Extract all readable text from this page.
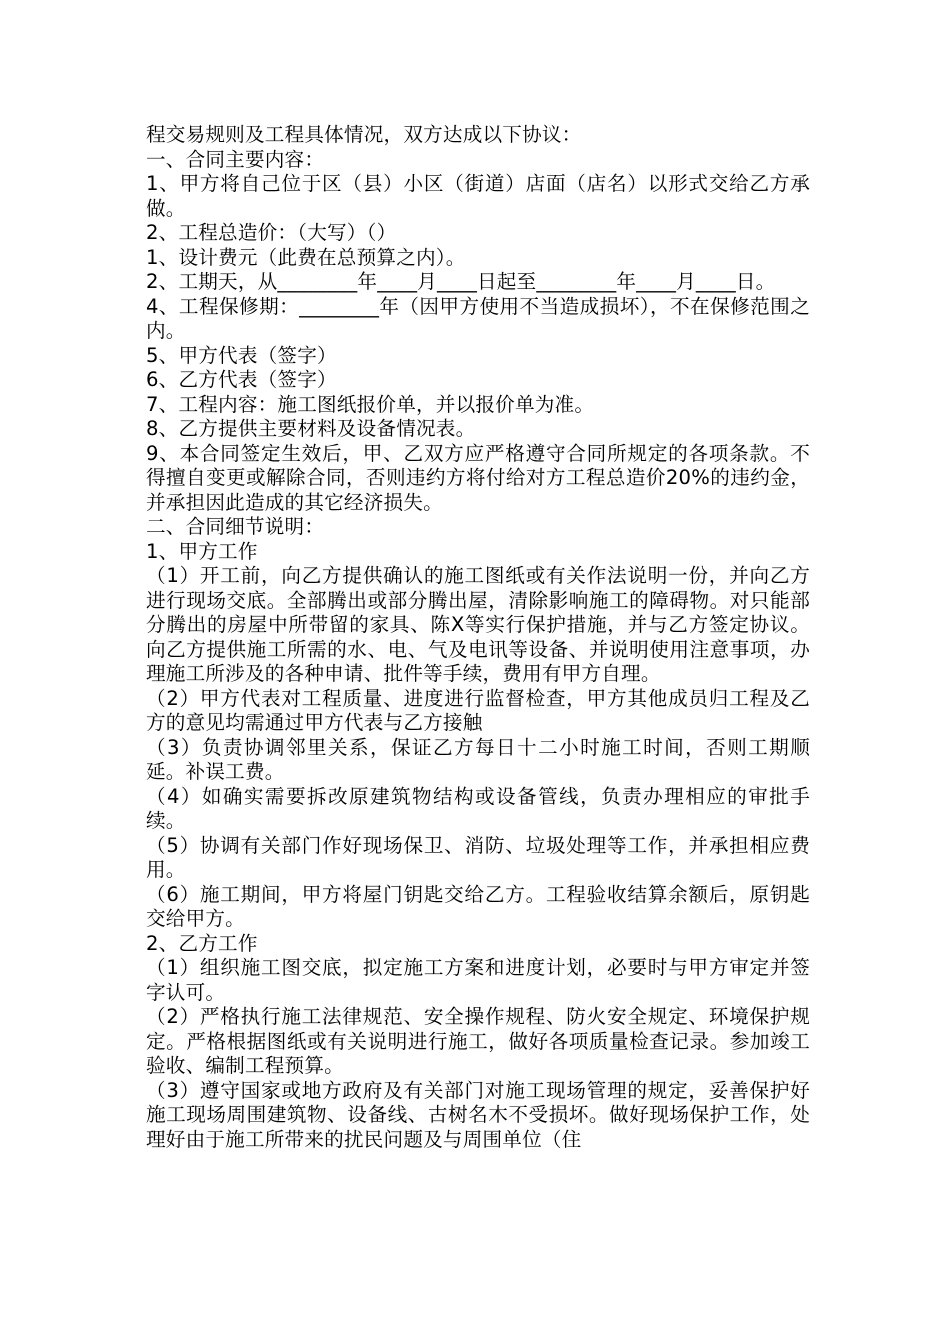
程交易规则及工程具体情况，双方达成以下协议：

一、合同主要内容：

1、甲方将自己位于区（县）小区（街道）店面（店名）以形式交给乙方承做。

2、工程总造价：（大写）（）

1、设计费元（此费在总预算之内）。

2、工期天，从________年____月____日起至________年____月____日。

4、工程保修期：________年（因甲方使用不当造成损坏），不在保修范围之内。

5、甲方代表（签字）

6、乙方代表（签字）

7、工程内容：施工图纸报价单，并以报价单为准。

8、乙方提供主要材料及设备情况表。

9、本合同签定生效后，甲、乙双方应严格遵守合同所规定的各项条款。不得擅自变更或解除合同，否则违约方将付给对方工程总造价20%的违约金，并承担因此造成的其它经济损失。

二、合同细节说明：

1、甲方工作

（1）开工前，向乙方提供确认的施工图纸或有关作法说明一份，并向乙方进行现场交底。全部腾出或部分腾出屋，清除影响施工的障碍物。对只能部分腾出的房屋中所带留的家具、陈X等实行保护措施，并与乙方签定协议。向乙方提供施工所需的水、电、气及电讯等设备、并说明使用注意事项，办理施工所涉及的各种申请、批件等手续，费用有甲方自理。

（2）甲方代表对工程质量、进度进行监督检查，甲方其他成员归工程及乙方的意见均需通过甲方代表与乙方接触

（3）负责协调邻里关系，保证乙方每日十二小时施工时间，否则工期顺延。补误工费。

（4）如确实需要拆改原建筑物结构或设备管线，负责办理相应的审批手续。

（5）协调有关部门作好现场保卫、消防、垃圾处理等工作，并承担相应费用。

（6）施工期间，甲方将屋门钥匙交给乙方。工程验收结算余额后，原钥匙交给甲方。

2、乙方工作

（1）组织施工图交底，拟定施工方案和进度计划，必要时与甲方审定并签字认可。

（2）严格执行施工法律规范、安全操作规程、防火安全规定、环境保护规定。严格根据图纸或有关说明进行施工，做好各项质量检查记录。参加竣工验收、编制工程预算。

（3）遵守国家或地方政府及有关部门对施工现场管理的规定，妥善保护好施工现场周围建筑物、设备线、古树名木不受损坏。做好现场保护工作，处理好由于施工所带来的扰民问题及与周围单位（住
